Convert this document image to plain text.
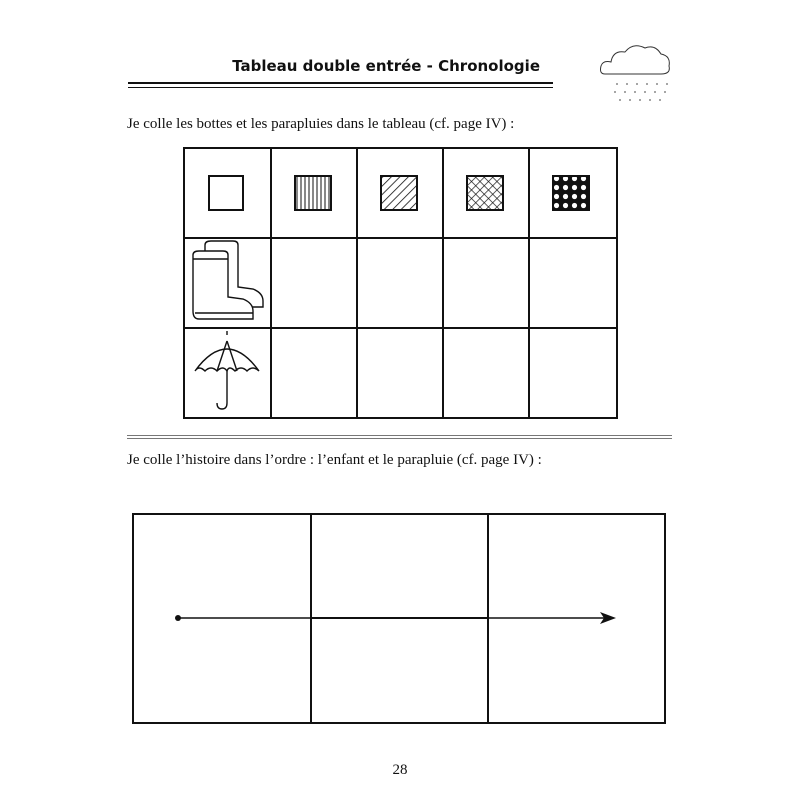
Tableau double entrée - Chronologie
Je colle les bottes et les parapluies dans le tableau (cf. page IV) :
Je colle l’histoire dans l’ordre : l’enfant et le parapluie (cf. page IV) :
28
